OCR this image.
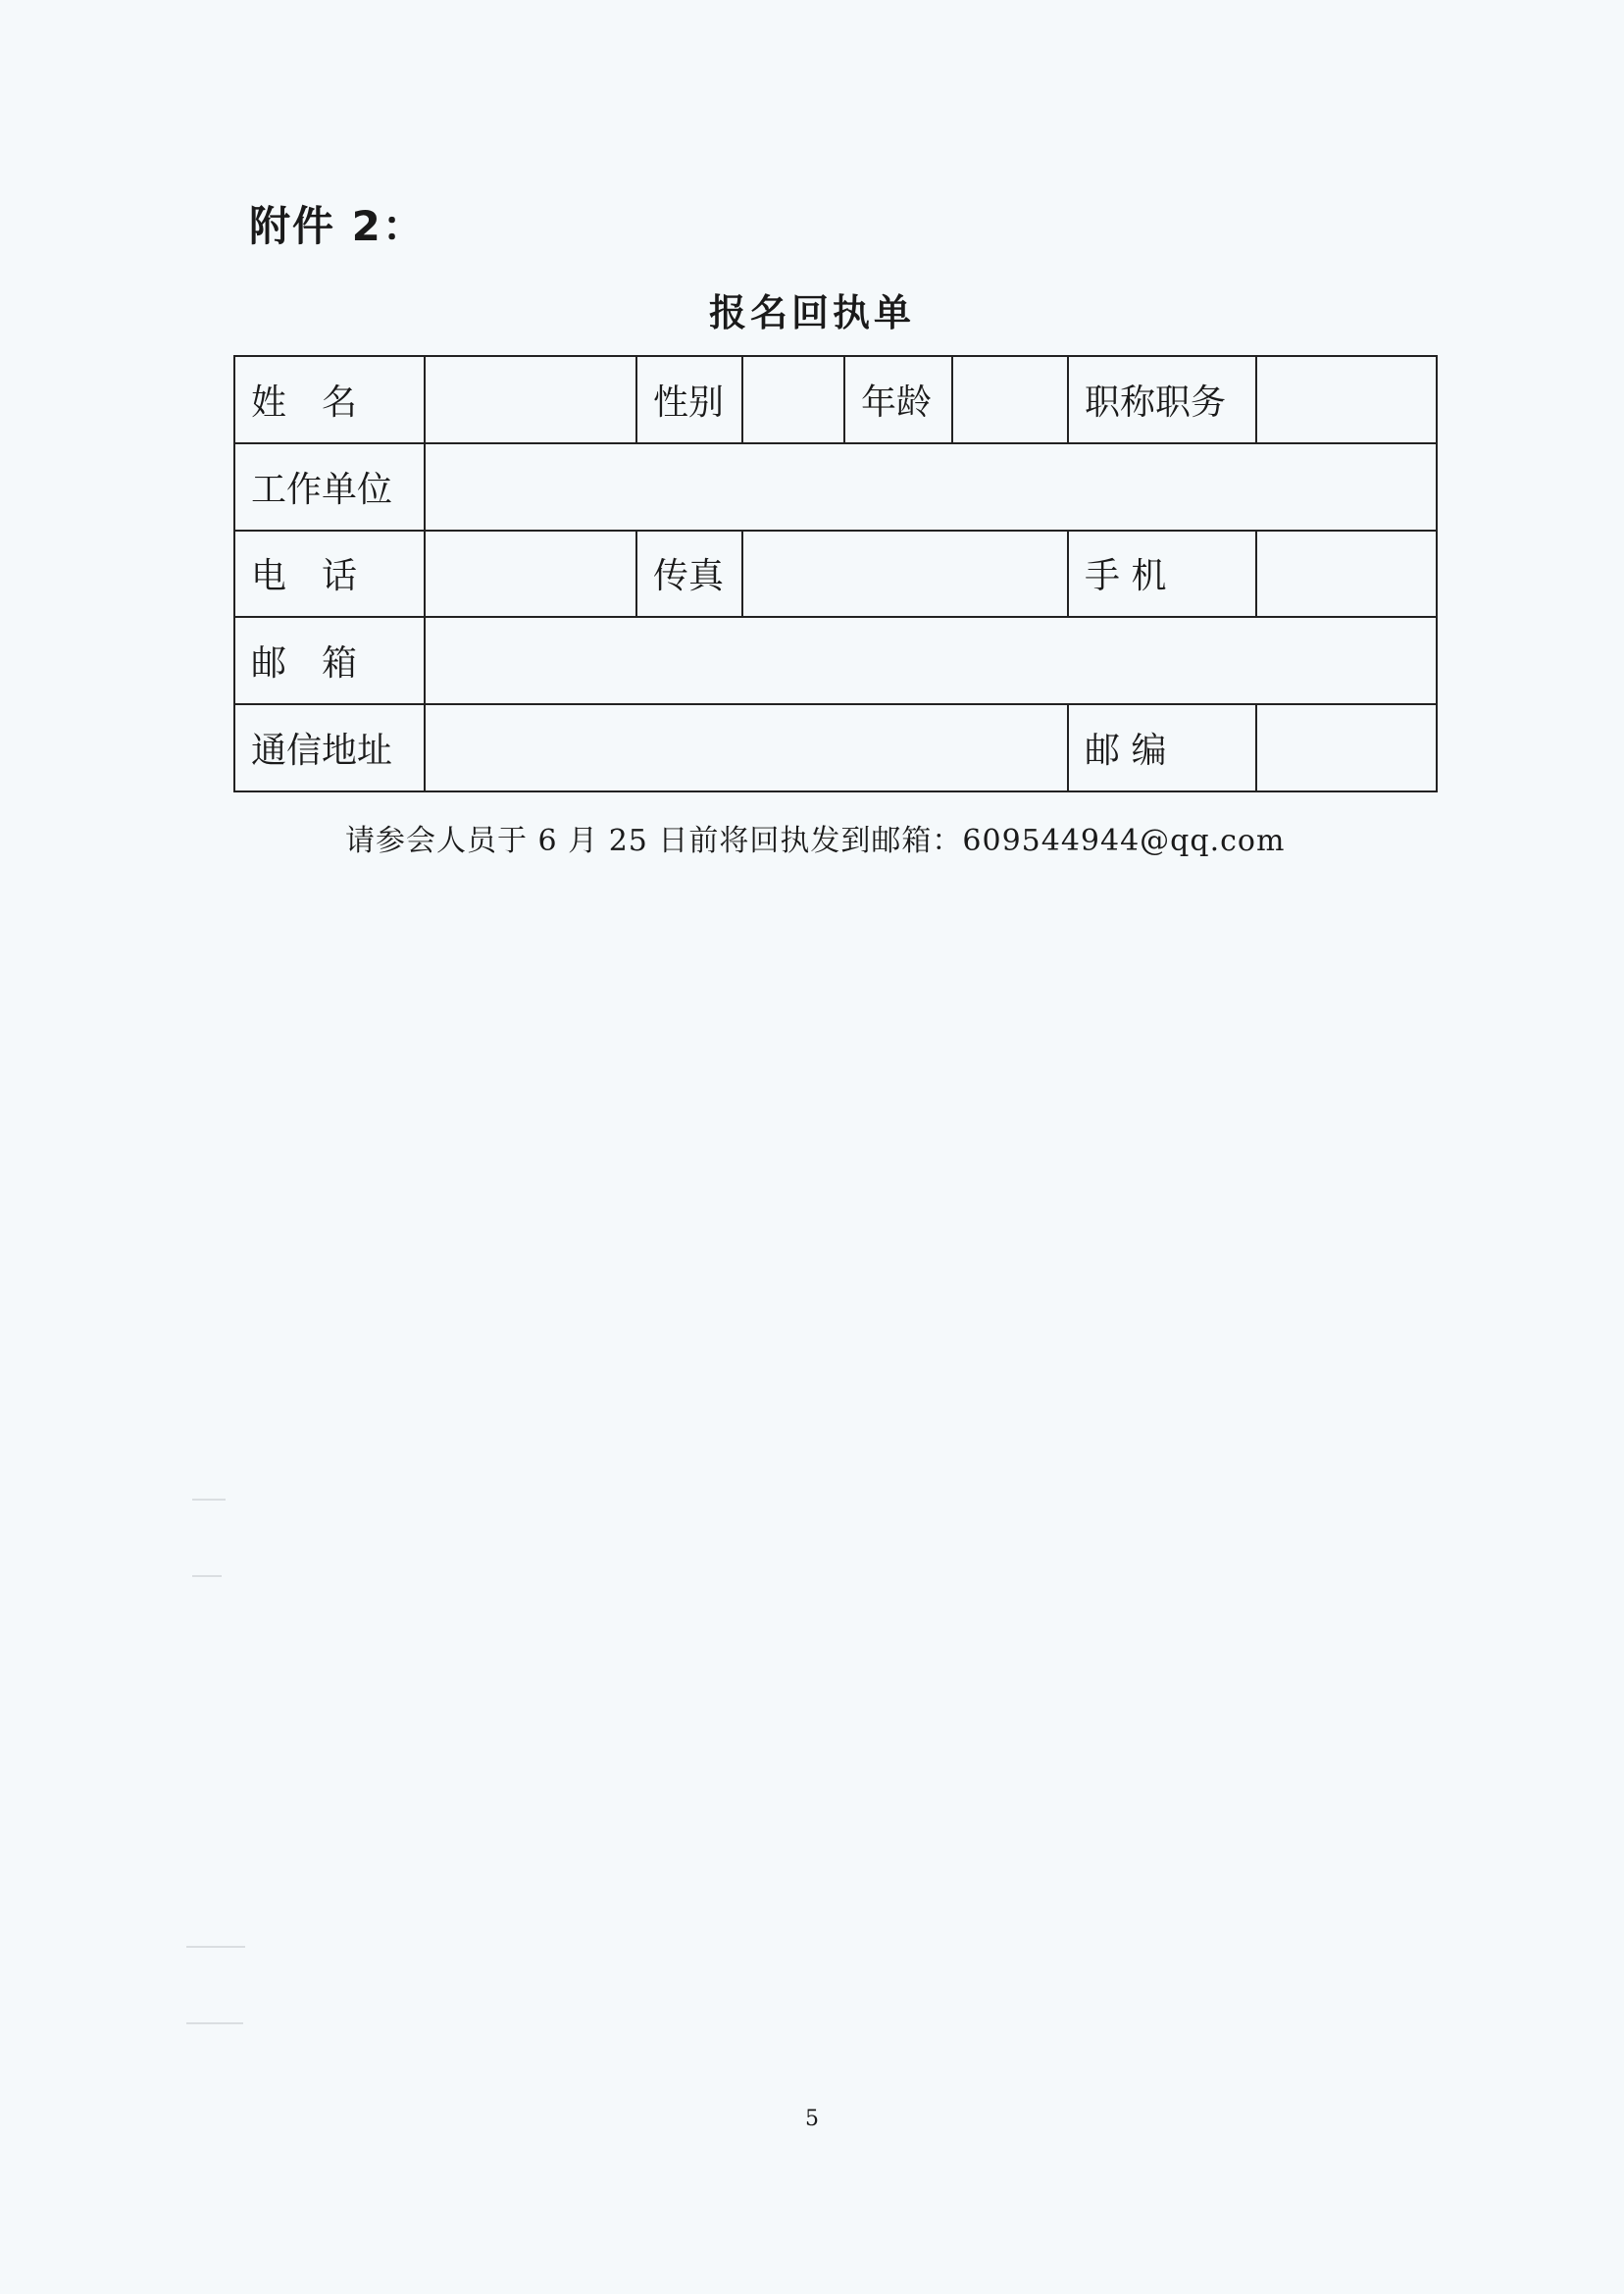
附件 2：
报名回执单
姓　名		性别		年龄		职称职务	
工作单位							
电　话		传真				手 机	
邮　箱							
通信地址						邮 编	
请参会人员于 6 月 25 日前将回执发到邮箱：609544944@qq.com
5
